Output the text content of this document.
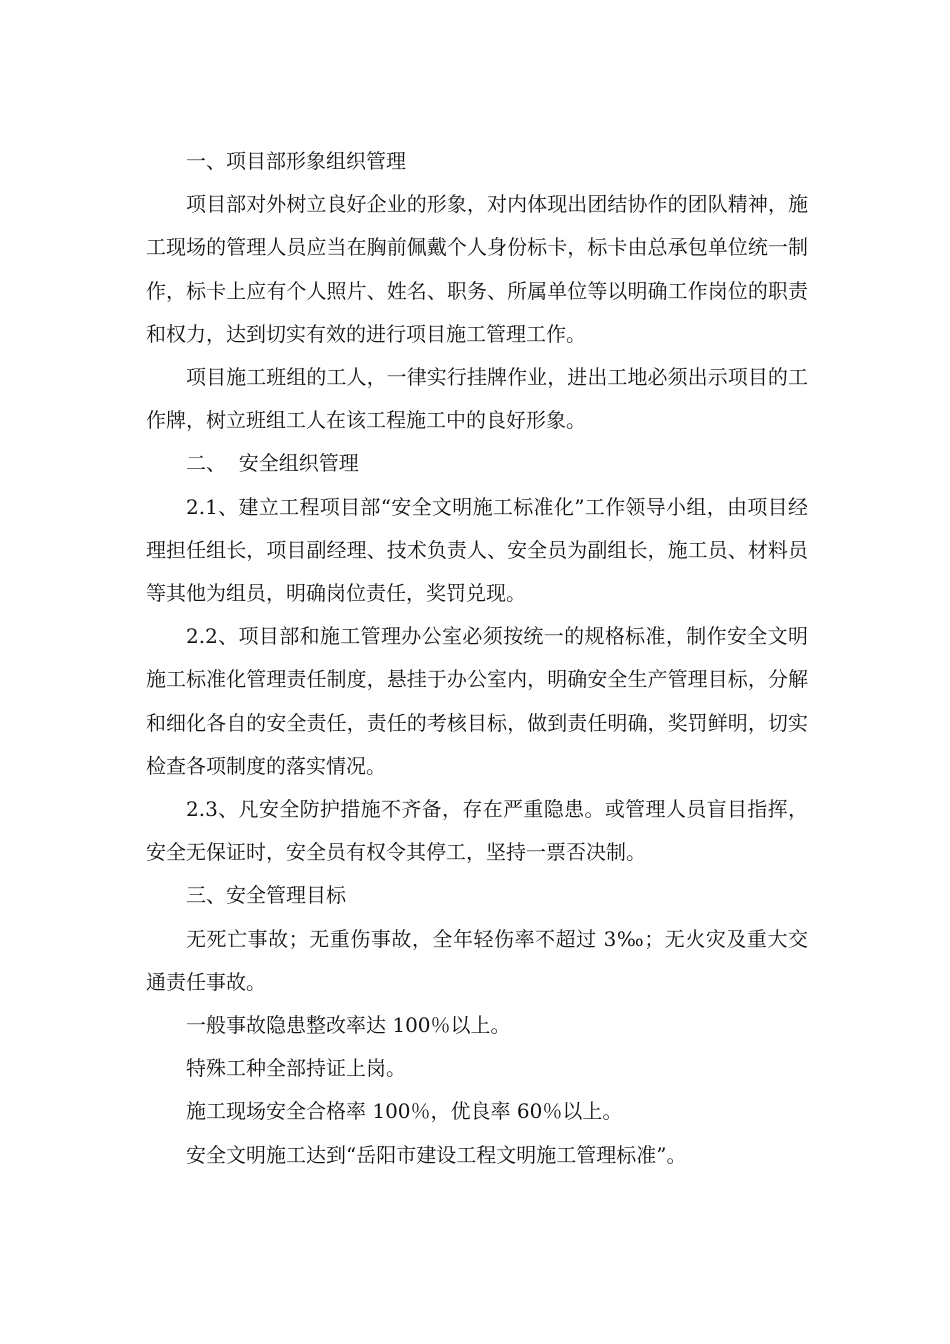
一、项目部形象组织管理

项目部对外树立良好企业的形象，对内体现出团结协作的团队精神，施工现场的管理人员应当在胸前佩戴个人身份标卡，标卡由总承包单位统一制作，标卡上应有个人照片、姓名、职务、所属单位等以明确工作岗位的职责和权力，达到切实有效的进行项目施工管理工作。

项目施工班组的工人，一律实行挂牌作业，进出工地必须出示项目的工作牌，树立班组工人在该工程施工中的良好形象。

二、  安全组织管理

2.1、建立工程项目部“安全文明施工标准化”工作领导小组，由项目经理担任组长，项目副经理、技术负责人、安全员为副组长，施工员、材料员等其他为组员，明确岗位责任，奖罚兑现。

2.2、项目部和施工管理办公室必须按统一的规格标准，制作安全文明施工标准化管理责任制度，悬挂于办公室内，明确安全生产管理目标，分解和细化各自的安全责任，责任的考核目标，做到责任明确，奖罚鲜明，切实检查各项制度的落实情况。

2.3、凡安全防护措施不齐备，存在严重隐患。或管理人员盲目指挥，安全无保证时，安全员有权令其停工，坚持一票否决制。

三、安全管理目标

无死亡事故；无重伤事故，全年轻伤率不超过 3‰；无火灾及重大交通责任事故。

一般事故隐患整改率达 100％以上。

特殊工种全部持证上岗。

施工现场安全合格率 100％，优良率 60％以上。

安全文明施工达到“岳阳市建设工程文明施工管理标准”。
